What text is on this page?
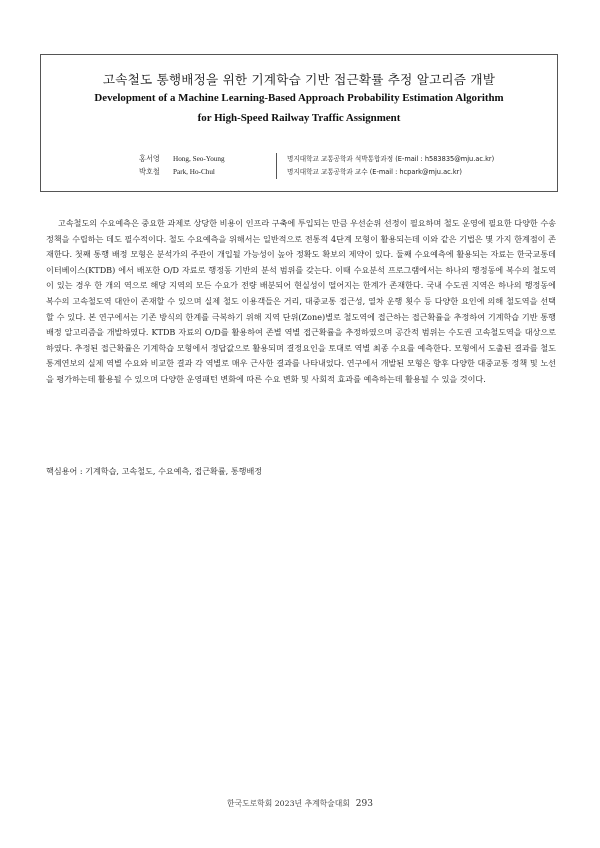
고속철도 통행배정을 위한 기계학습 기반 접근확률 추정 알고리즘 개발
Development of a Machine Learning-Based Approach Probability Estimation Algorithm
for High-Speed Railway Traffic Assignment
홍서영	Hong, Seo-Young	명지대학교 교통공학과 석박통합과정 (E-mail : h583835@mju.ac.kr)
박호철	Park, Ho-Chul	명지대학교 교통공학과 교수 (E-mail : hcpark@mju.ac.kr)

고속철도의 수요예측은 중요한 과제로 상당한 비용이 인프라 구축에 투입되는 만큼 우선순위 선정이 필요하며 철도 운영에 필요한 다양한 수송정책을 수립하는 데도 필수적이다. 철도 수요예측을 위해서는 일반적으로 전통적 4단계 모형이 활용되는데 이와 같은 기법은 몇 가지 한계점이 존재한다. 첫째 통행 배정 모형은 분석가의 주관이 개입될 가능성이 높아 정확도 확보의 제약이 있다. 둘째 수요예측에 활용되는 자료는 한국교통데이터베이스(KTDB) 에서 배포한 O/D 자료로 행정동 기반의 분석 범위를 갖는다. 이때 수요분석 프로그램에서는 하나의 행정동에 복수의 철도역이 있는 경우 한 개의 역으로 해당 지역의 모든 수요가 전량 배분되어 현실성이 떨어지는 한계가 존재한다. 국내 수도권 지역은 하나의 행정동에 복수의 고속철도역 대안이 존재할 수 있으며 실제 철도 이용객들은 거리, 대중교통 접근성, 열차 운행 횟수 등 다양한 요인에 의해 철도역을 선택할 수 있다. 본 연구에서는 기존 방식의 한계를 극복하기 위해 지역 단위(Zone)별로 철도역에 접근하는 접근확률을 추정하여 기계학습 기반 통행배정 알고리즘을 개발하였다. KTDB 자료의 O/D를 활용하여 존별 역별 접근확률을 추정하였으며 공간적 범위는 수도권 고속철도역을 대상으로 하였다. 추정된 접근확률은 기계학습 모형에서 정답값으로 활용되며 결정요인을 토대로 역별 최종 수요를 예측한다. 모형에서 도출된 결과를 철도통계연보의 실제 역별 수요와 비교한 결과 각 역별로 매우 근사한 결과를 나타내었다. 연구에서 개발된 모형은 향후 다양한 대중교통 정책 및 노선을 평가하는데 활용될 수 있으며 다양한 운영패턴 변화에 따른 수요 변화 및 사회적 효과를 예측하는데 활용될 수 있을 것이다.

핵심용어 : 기계학습, 고속철도, 수요예측, 접근확률, 통행배정
한국도로학회 2023년 추계학술대회 293
